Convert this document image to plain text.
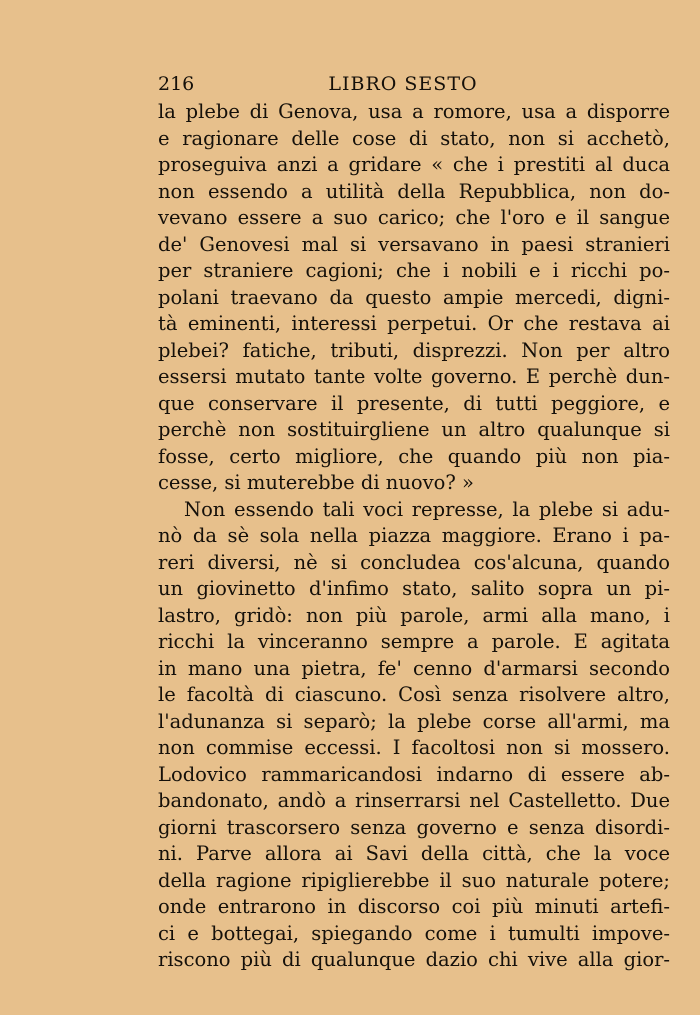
216	LIBRO SESTO
la plebe di Genova, usa a romore, usa a disporre
e ragionare delle cose di stato, non si acchetò,
proseguiva anzi a gridare « che i prestiti al duca
non essendo a utilità della Repubblica, non do-
vevano essere a suo carico; che l'oro e il sangue
de' Genovesi mal si versavano in paesi stranieri
per straniere cagioni; che i nobili e i ricchi po-
polani traevano da questo ampie mercedi, digni-
tà eminenti, interessi perpetui. Or che restava ai
plebei? fatiche, tributi, disprezzi. Non per altro
essersi mutato tante volte governo. E perchè dun-
que conservare il presente, di tutti peggiore, e
perchè non sostituirgliene un altro qualunque si
fosse, certo migliore, che quando più non pia-
cesse, si muterebbe di nuovo? »
Non essendo tali voci represse, la plebe si adu-
nò da sè sola nella piazza maggiore. Erano i pa-
reri diversi, nè si concludea cos'alcuna, quando
un giovinetto d'infimo stato, salito sopra un pi-
lastro, gridò: non più parole, armi alla mano, i
ricchi la vinceranno sempre a parole. E agitata
in mano una pietra, fe' cenno d'armarsi secondo
le facoltà di ciascuno. Così senza risolvere altro,
l'adunanza si separò; la plebe corse all'armi, ma
non commise eccessi. I facoltosi non si mossero.
Lodovico rammaricandosi indarno di essere ab-
bandonato, andò a rinserrarsi nel Castelletto. Due
giorni trascorsero senza governo e senza disordi-
ni. Parve allora ai Savi della città, che la voce
della ragione ripiglierebbe il suo naturale potere;
onde entrarono in discorso coi più minuti artefi-
ci e bottegai, spiegando come i tumulti impove-
riscono più di qualunque dazio chi vive alla gior-
